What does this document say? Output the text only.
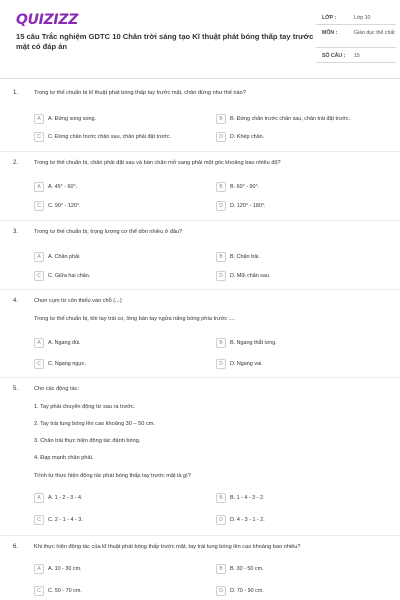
QUIZIZZ
15 câu Trắc nghiệm GDTC 10 Chân trời sáng tạo Kĩ thuật phát bóng thấp tay trước mặt có đáp án
LỚP :	Lớp 10
MÔN :	Giáo dục thể chất
SỐ CÂU : 15
1.	Trong tư thế chuẩn bị kĩ thuật phát bóng thấp tay trước mặt, chân đứng như thế nào?
A	A. Đứng song song.	B	B. Đứng chân trước chân sau, chân trái đặt trước.
C	C. Đứng chân trước chân sau, chân phải đặt trước.	D	D. Khép chân.
2.	Trong tư thế chuẩn bị, chân phải đặt sau và bàn chân mở sang phải một góc khoảng bao nhiêu độ?
A	A. 45° - 60°.	B	B. 60° - 90°.
C	C. 90° - 120°.	D	D. 120° - 180°.
3.	Trong tư thế chuẩn bị, trọng lượng cơ thể dồn nhiều ở đâu?
A	A. Chân phải.	B	B. Chân trái.
C	C. Giữa hai chân.	D	D. Mũi chân sau.
4.	Chọn cụm từ còn thiếu vào chỗ (...)
Trong tư thế chuẩn bị, khi tay trái co, lòng bàn tay ngửa nâng bóng phía trước ....
A	A. Ngang đùi.	B	B. Ngang thắt lưng.
C	C. Ngang ngực.	D	D. Ngang vai.
5.	Cho các động tác:
1. Tay phải chuyển động từ sau ra trước.
2. Tay trái tung bóng lên cao khoảng 30 – 50 cm.
3. Chân trái thực hiện động tác đánh bóng.
4. Đạp mạnh chân phải.
Trình tự thực hiện động tác phát bóng thấp tay trước mặt là gì?
A	A. 1 - 2 - 3 - 4.	B	B. 1 - 4 - 3 - 2.
C	C. 2 - 1 - 4 - 3.	D	D. 4 - 3 - 1 - 2.
6.	Khi thực hiện động tác của kĩ thuật phát bóng thấp trước mặt, tay trái tung bóng lên cao khoảng bao nhiêu?
A	A. 10 - 30 cm.	B	B. 30 - 50 cm.
C	C. 50 - 70 cm.	D	D. 70 - 90 cm.
